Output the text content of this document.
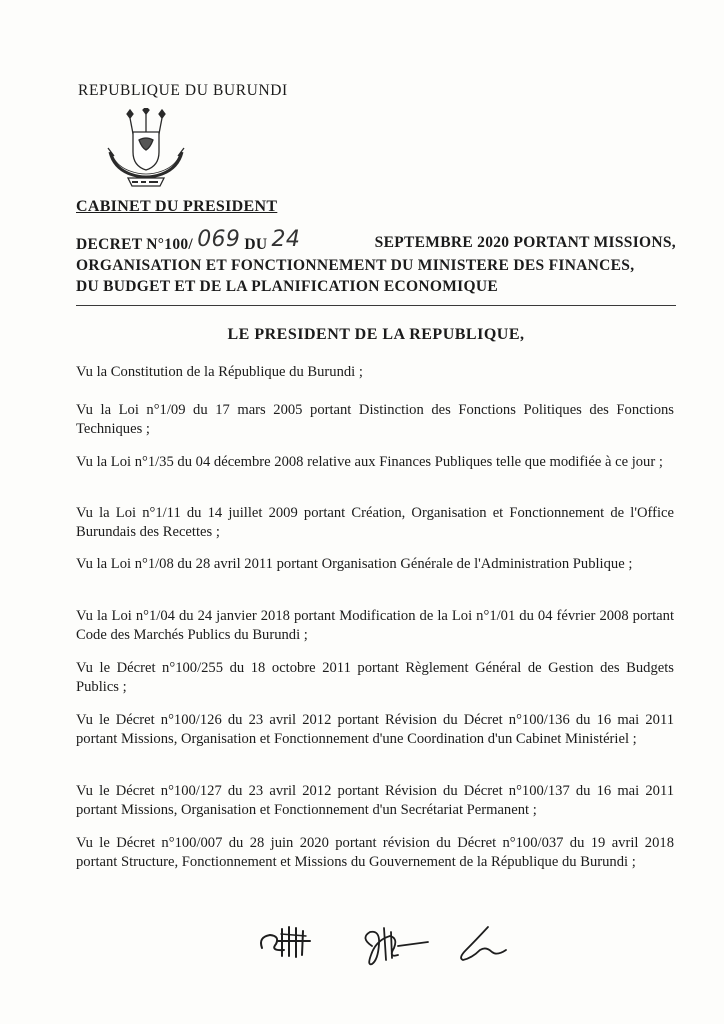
REPUBLIQUE DU BURUNDI
CABINET DU PRESIDENT
DECRET N°100/ 069 DU 24	SEPTEMBRE 2020 PORTANT MISSIONS,
ORGANISATION ET FONCTIONNEMENT DU MINISTERE DES FINANCES,
DU BUDGET ET DE LA PLANIFICATION ECONOMIQUE
LE PRESIDENT DE LA REPUBLIQUE,
Vu la Constitution de la République du Burundi ;
Vu la Loi n°1/09 du 17 mars 2005 portant Distinction des Fonctions Politiques des Fonctions Techniques ;
Vu la Loi n°1/35 du 04 décembre 2008 relative aux Finances Publiques telle que modifiée à ce jour ;
Vu la Loi n°1/11 du 14 juillet 2009 portant Création, Organisation et Fonctionnement de l'Office Burundais des Recettes ;
Vu la Loi n°1/08 du 28 avril 2011 portant Organisation Générale de l'Administration Publique ;
Vu la Loi n°1/04 du 24 janvier 2018 portant Modification de la Loi n°1/01 du 04 février 2008 portant Code des Marchés Publics du Burundi ;
Vu le Décret n°100/255 du 18 octobre 2011 portant Règlement Général de Gestion des Budgets Publics ;
Vu le Décret n°100/126 du 23 avril 2012 portant Révision du Décret n°100/136 du 16 mai 2011 portant Missions, Organisation et Fonctionnement d'une Coordination d'un Cabinet Ministériel ;
Vu le Décret n°100/127 du 23 avril 2012 portant Révision du Décret n°100/137 du 16 mai 2011 portant Missions, Organisation et Fonctionnement d'un Secrétariat Permanent ;
Vu le Décret n°100/007 du 28 juin 2020 portant révision du Décret n°100/037 du 19 avril 2018 portant Structure, Fonctionnement et Missions du Gouvernement de la République du Burundi ;
